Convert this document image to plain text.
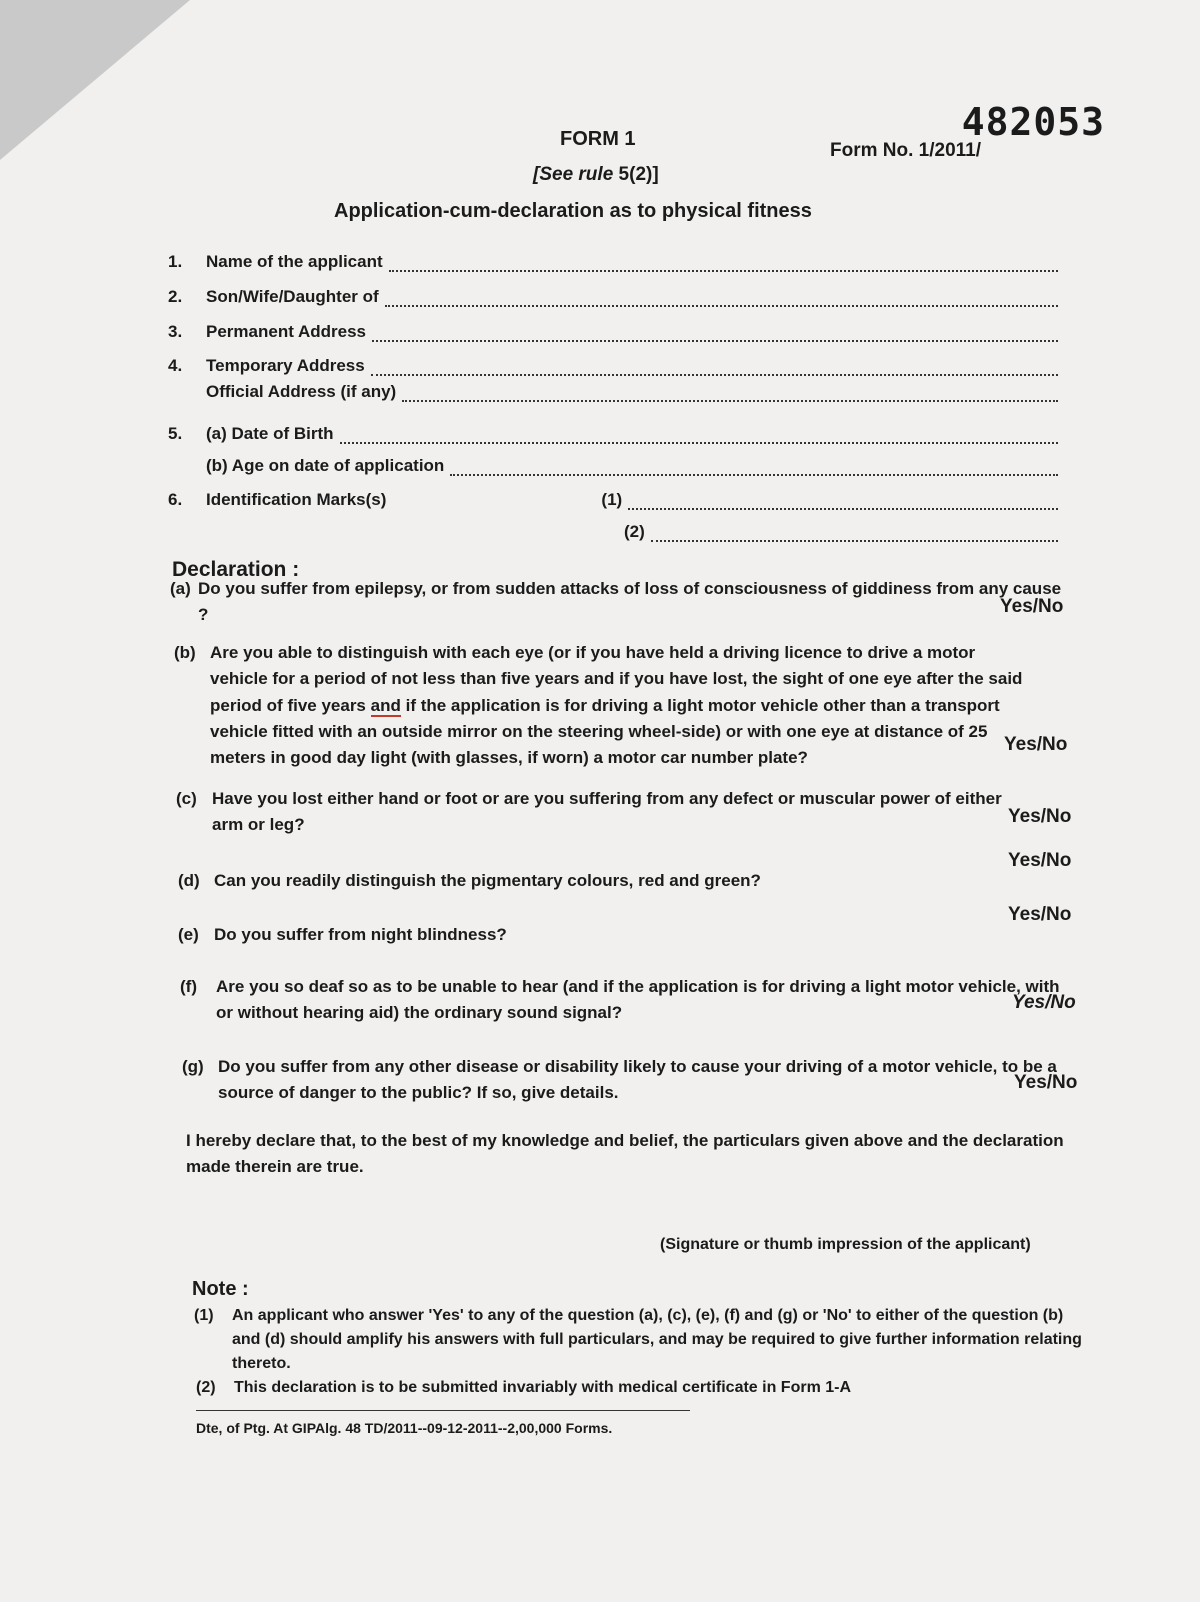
482053
FORM 1
Form No. 1/2011/
[See rule 5(2)]
Application-cum-declaration as to physical fitness
1.	Name of the applicant
2.	Son/Wife/Daughter of
3.	Permanent Address
4.	Temporary Address
Official Address (if any)
5.	(a) Date of Birth
(b) Age on date of application
6.	Identification Marks(s)	(1)
(2)
Declaration :
(a) Do you suffer from epilepsy, or from sudden attacks of loss of consciousness of giddiness from any cause ?	Yes/No
(b) Are you able to distinguish with each eye (or if you have held a driving licence to drive a motor vehicle for a period of not less than five years and if you have lost, the sight of one eye after the said period of five years and if the application is for driving a light motor vehicle other than a transport vehicle fitted with an outside mirror on the steering wheel-side) or with one eye at distance of 25 meters in good day light (with glasses, if worn) a motor car number plate?
Yes/No
(c) Have you lost either hand or foot or are you suffering from any defect or muscular power of either arm or leg?	Yes/No
(d) Can you readily distinguish the pigmentary colours, red and green?
Yes/No
(e) Do you suffer from night blindness?
Yes/No
(f) Are you so deaf so as to be unable to hear (and if the application is for driving a light motor vehicle, with or without hearing aid) the ordinary sound signal?	Yes/No
(g) Do you suffer from any other disease or disability likely to cause your driving of a motor vehicle, to be a source of danger to the public? If so, give details.	Yes/No
I hereby declare that, to the best of my knowledge and belief, the particulars given above and the declaration made therein are true.
(Signature or thumb impression of the applicant)
Note :
(1) An applicant who answer 'Yes' to any of the question (a), (c), (e), (f) and (g) or 'No' to either of the question (b) and (d) should amplify his answers with full particulars, and may be required to give further information relating thereto.
(2) This declaration is to be submitted invariably with medical certificate in Form 1-A
Dte, of Ptg. At GIPAlg. 48 TD/2011--09-12-2011--2,00,000 Forms.
